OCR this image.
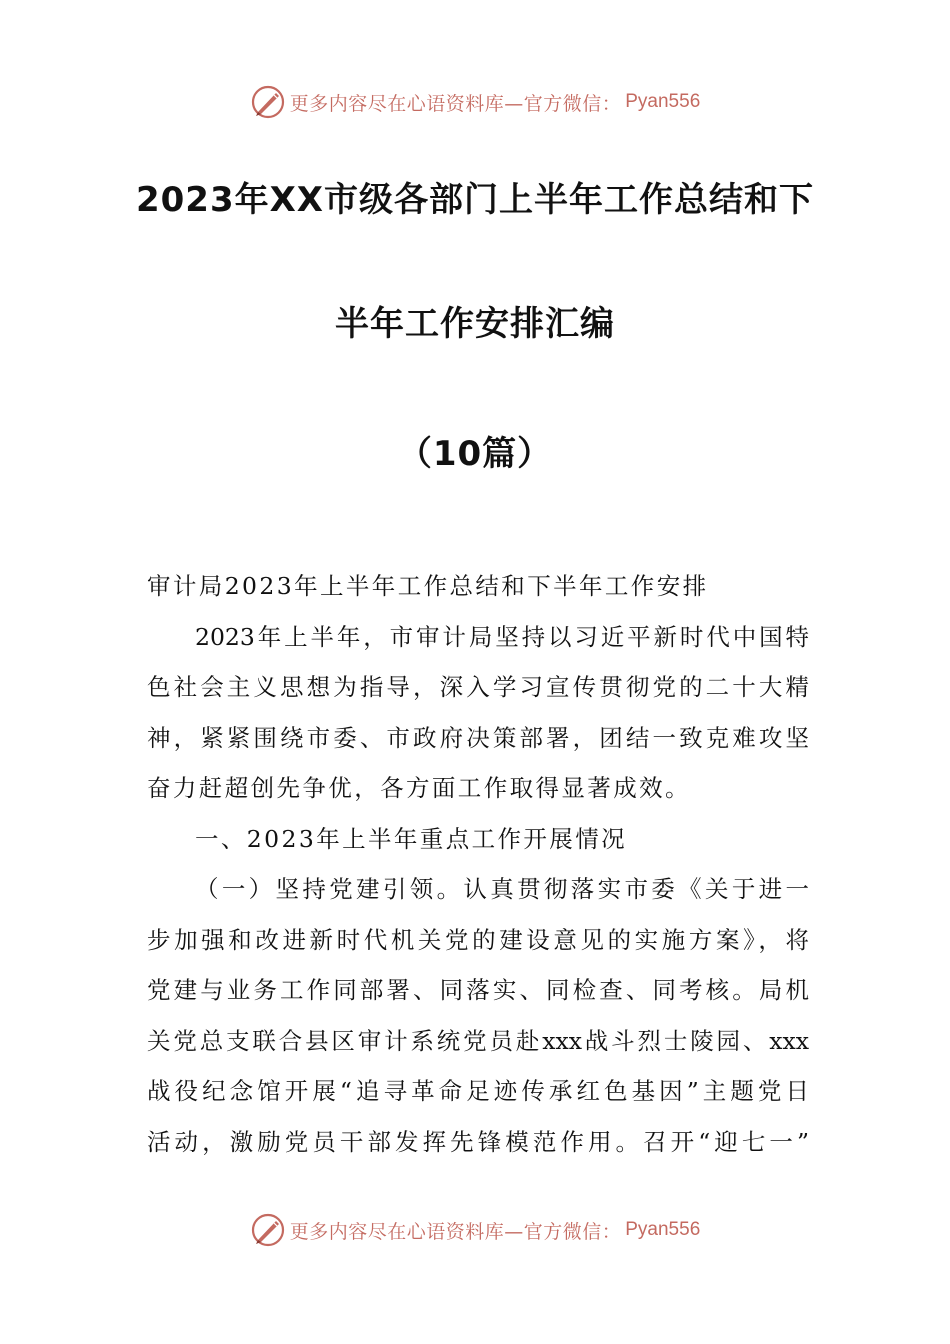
更多内容尽在心语资料库—官方微信： Pyan556
2023年XX市级各部门上半年工作总结和下
半年工作安排汇编
（10篇）
审计局2023年上半年工作总结和下半年工作安排
2023年上半年，市审计局坚持以习近平新时代中国特
色社会主义思想为指导，深入学习宣传贯彻党的二十大精
神，紧紧围绕市委、市政府决策部署，团结一致克难攻坚
奋力赶超创先争优，各方面工作取得显著成效。
一、2023年上半年重点工作开展情况
（一）坚持党建引领。认真贯彻落实市委《关于进一
步加强和改进新时代机关党的建设意见的实施方案》，将
党建与业务工作同部署、同落实、同检查、同考核。局机
关党总支联合县区审计系统党员赴xxx战斗烈士陵园、xxx
战役纪念馆开展“追寻革命足迹传承红色基因”主题党日
活动，激励党员干部发挥先锋模范作用。召开“迎七一”
更多内容尽在心语资料库—官方微信： Pyan556
